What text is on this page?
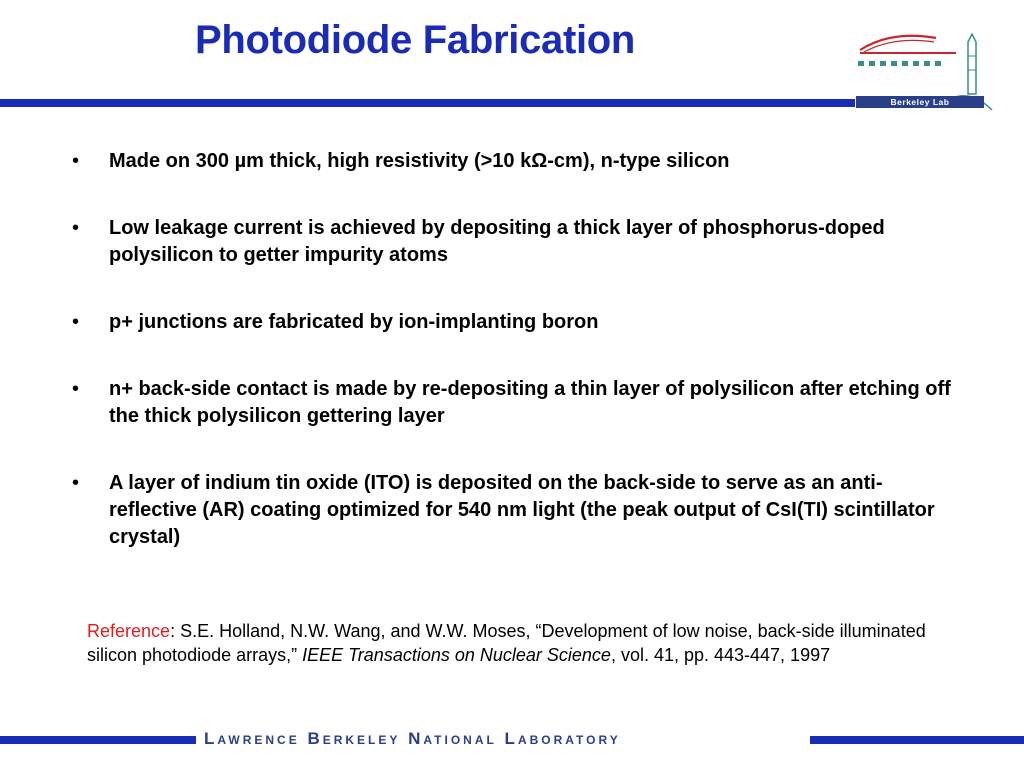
Photodiode Fabrication
Berkeley Lab
• Made on 300 µm thick, high resistivity (>10 kΩ-cm), n-type silicon
• Low leakage current is achieved by depositing a thick layer of phosphorus-doped polysilicon to getter impurity atoms
• p+ junctions are fabricated by ion-implanting boron
• n+ back-side contact is made by re-depositing a thin layer of polysilicon after etching off the thick polysilicon gettering layer
• A layer of indium tin oxide (ITO) is deposited on the back-side to serve as an anti-reflective (AR) coating optimized for 540 nm light (the peak output of CsI(TI) scintillator crystal)
Reference: S.E. Holland, N.W. Wang, and W.W. Moses, “Development of low noise, back-side illuminated silicon photodiode arrays,” IEEE Transactions on Nuclear Science, vol. 41, pp. 443-447, 1997
Lawrence Berkeley National Laboratory
